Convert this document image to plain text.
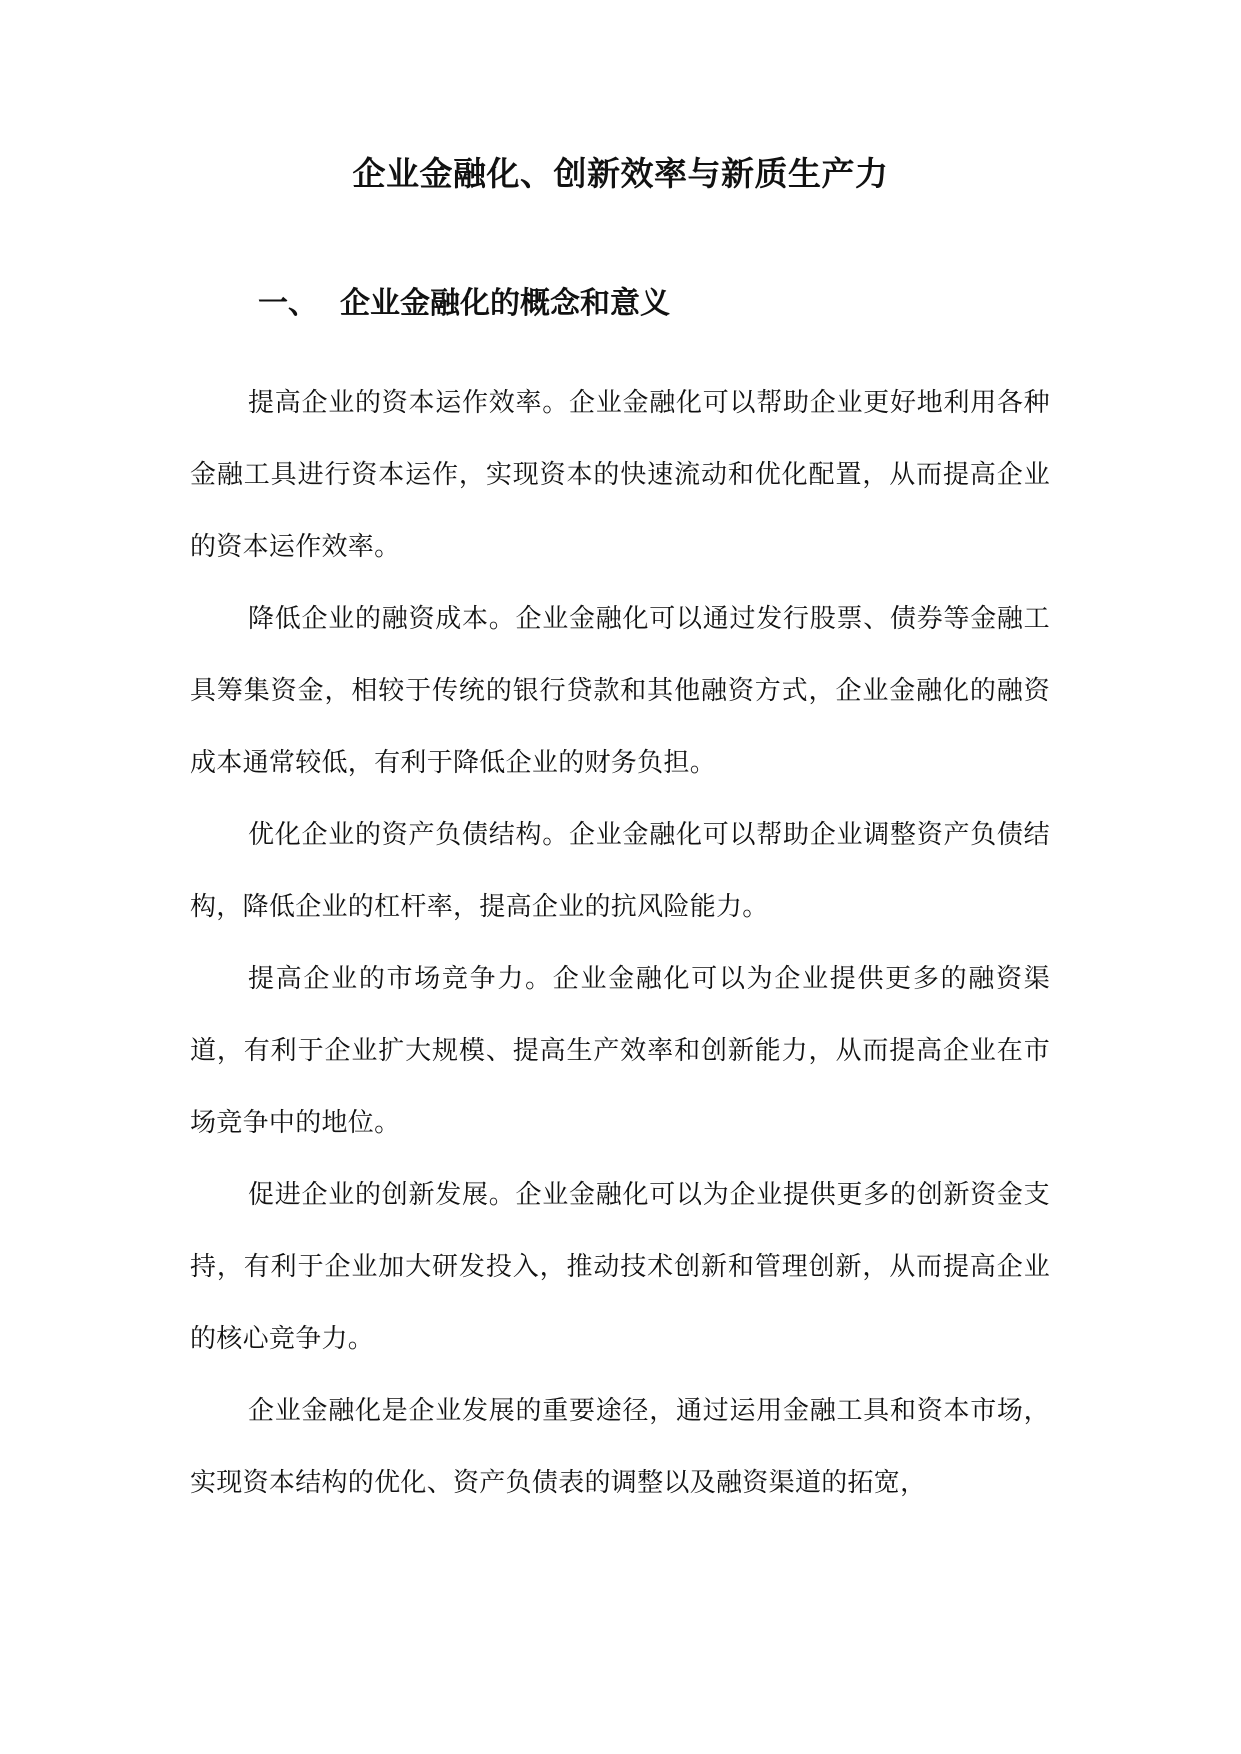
企业金融化、创新效率与新质生产力
一、 企业金融化的概念和意义

提高企业的资本运作效率。企业金融化可以帮助企业更好地利用各种金融工具进行资本运作，实现资本的快速流动和优化配置，从而提高企业的资本运作效率。

降低企业的融资成本。企业金融化可以通过发行股票、债券等金融工具筹集资金，相较于传统的银行贷款和其他融资方式，企业金融化的融资成本通常较低，有利于降低企业的财务负担。

优化企业的资产负债结构。企业金融化可以帮助企业调整资产负债结构，降低企业的杠杆率，提高企业的抗风险能力。

提高企业的市场竞争力。企业金融化可以为企业提供更多的融资渠道，有利于企业扩大规模、提高生产效率和创新能力，从而提高企业在市场竞争中的地位。

促进企业的创新发展。企业金融化可以为企业提供更多的创新资金支持，有利于企业加大研发投入，推动技术创新和管理创新，从而提高企业的核心竞争力。

企业金融化是企业发展的重要途径，通过运用金融工具和资本市场，实现资本结构的优化、资产负债表的调整以及融资渠道的拓宽，
